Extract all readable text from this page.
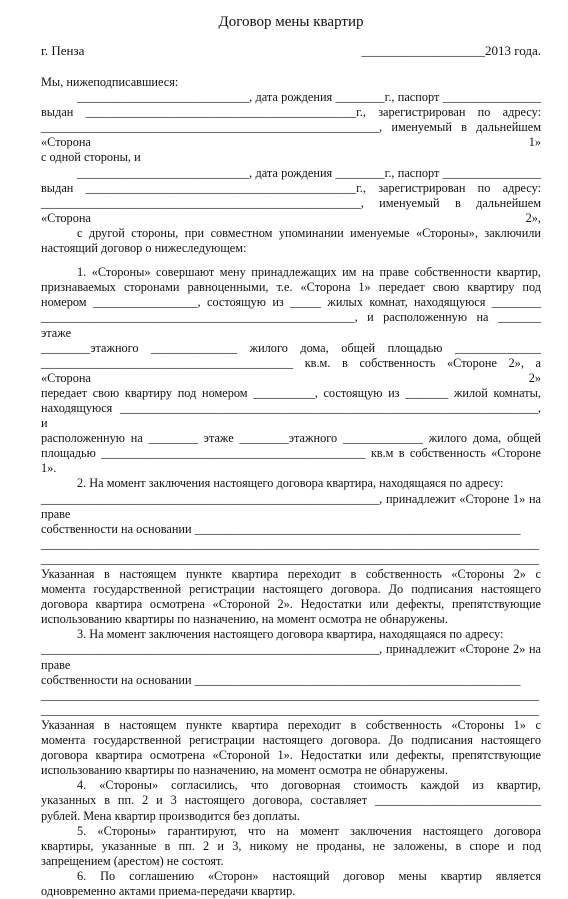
Договор мены квартир
г. Пенза	___________________2013 года.

Мы, нижеподписавшиеся:

____________________________, дата рождения ________г., паспорт ________________

выдан ____________________________________________г., зарегистрирован по адресу:

_______________________________________________________, именуемый в дальнейшем «Сторона 1»

с одной стороны, и

____________________________, дата рождения ________г., паспорт ________________

выдан ____________________________________________г., зарегистрирован по адресу:

____________________________________________________, именуемый в дальнейшем «Сторона 2»,

с другой стороны, при совместном упоминании именуемые «Стороны», заключили

настоящий договор о нижеследующем:

1. «Стороны» совершают мену принадлежащих им на праве собственности квартир,

признаваемых сторонами равноценными, т.е. «Сторона 1» передает свою квартиру под

номером _________________, состоящую из _____ жилых комнат, находящуюся ________

___________________________________________________, и расположенную на _______ этаже

________этажного ______________ жилого дома, общей площадью ______________

_________________________________________ кв.м. в собственность «Стороне 2», а «Сторона 2»

передает свою квартиру под номером __________, состоящую из _______ жилой комнаты,

находящуюся ____________________________________________________________________, и

расположенную на ________ этаже ________этажного _____________ жилого дома, общей

площадью ___________________________________________ кв.м в собственность «Стороне 1».

2. На момент заключения настоящего договора квартира, находящаяся по адресу:

_______________________________________________________, принадлежит «Стороне 1» на праве

собственности на основании _____________________________________________________

_________________________________________________________________________________

_________________________________________________________________________________

Указанная в настоящем пункте квартира переходит в собственность «Стороны 2» с

момента государственной регистрации настоящего договора. До подписания настоящего

договора квартира осмотрена «Стороной 2». Недостатки или дефекты, препятствующие

использованию квартиры по назначению, на момент осмотра не обнаружены.

3. На момент заключения настоящего договора квартира, находящаяся по адресу:

_______________________________________________________, принадлежит «Стороне 2» на праве

собственности на основании _____________________________________________________

_________________________________________________________________________________

_________________________________________________________________________________

Указанная в настоящем пункте квартира переходит в собственность «Стороны 1» с

момента государственной регистрации настоящего договора. До подписания настоящего

договора квартира осмотрена «Стороной 1». Недостатки или дефекты, препятствующие

использованию квартиры по назначению, на момент осмотра не обнаружены.

4. «Стороны» согласились, что договорная стоимость каждой из квартир,

указанных в пп. 2 и 3 настоящего договора, составляет ___________________________

рублей. Мена квартир производится без доплаты.

5. «Стороны» гарантируют, что на момент заключения настоящего договора

квартиры, указанные в пп. 2 и 3, никому не проданы, не заложены, в споре и под

запрещением (арестом) не состоят.

6. По соглашению «Сторон» настоящий договор мены квартир является

одновременно актами приема-передачи квартир.
